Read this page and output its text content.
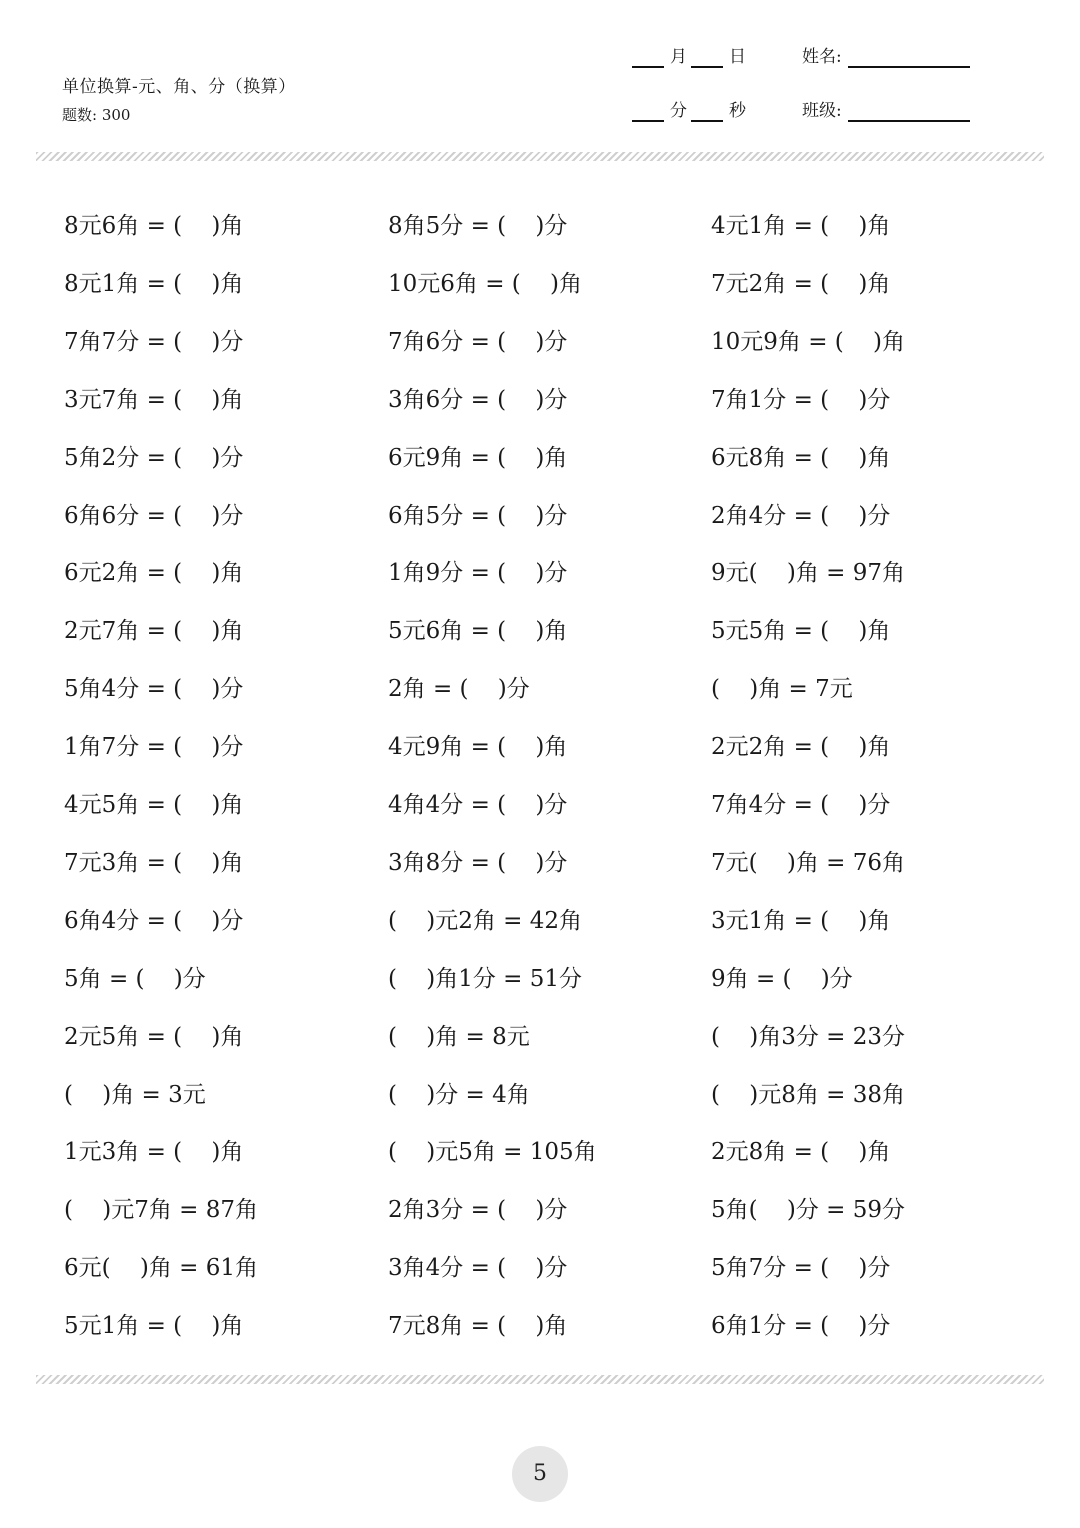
单位换算-元、角、分（换算）
题数: 300
月	日	姓名:
分	秒	班级:
8元6角 = (    )角	8角5分 = (    )分	4元1角 = (    )角
8元1角 = (    )角	10元6角 = (    )角	7元2角 = (    )角
7角7分 = (    )分	7角6分 = (    )分	10元9角 = (    )角
3元7角 = (    )角	3角6分 = (    )分	7角1分 = (    )分
5角2分 = (    )分	6元9角 = (    )角	6元8角 = (    )角
6角6分 = (    )分	6角5分 = (    )分	2角4分 = (    )分
6元2角 = (    )角	1角9分 = (    )分	9元(    )角 = 97角
2元7角 = (    )角	5元6角 = (    )角	5元5角 = (    )角
5角4分 = (    )分	2角 = (    )分	(    )角 = 7元
1角7分 = (    )分	4元9角 = (    )角	2元2角 = (    )角
4元5角 = (    )角	4角4分 = (    )分	7角4分 = (    )分
7元3角 = (    )角	3角8分 = (    )分	7元(    )角 = 76角
6角4分 = (    )分	(    )元2角 = 42角	3元1角 = (    )角
5角 = (    )分	(    )角1分 = 51分	9角 = (    )分
2元5角 = (    )角	(    )角 = 8元	(    )角3分 = 23分
(    )角 = 3元	(    )分 = 4角	(    )元8角 = 38角
1元3角 = (    )角	(    )元5角 = 105角	2元8角 = (    )角
(    )元7角 = 87角	2角3分 = (    )分	5角(    )分 = 59分
6元(    )角 = 61角	3角4分 = (    )分	5角7分 = (    )分
5元1角 = (    )角	7元8角 = (    )角	6角1分 = (    )分
5
